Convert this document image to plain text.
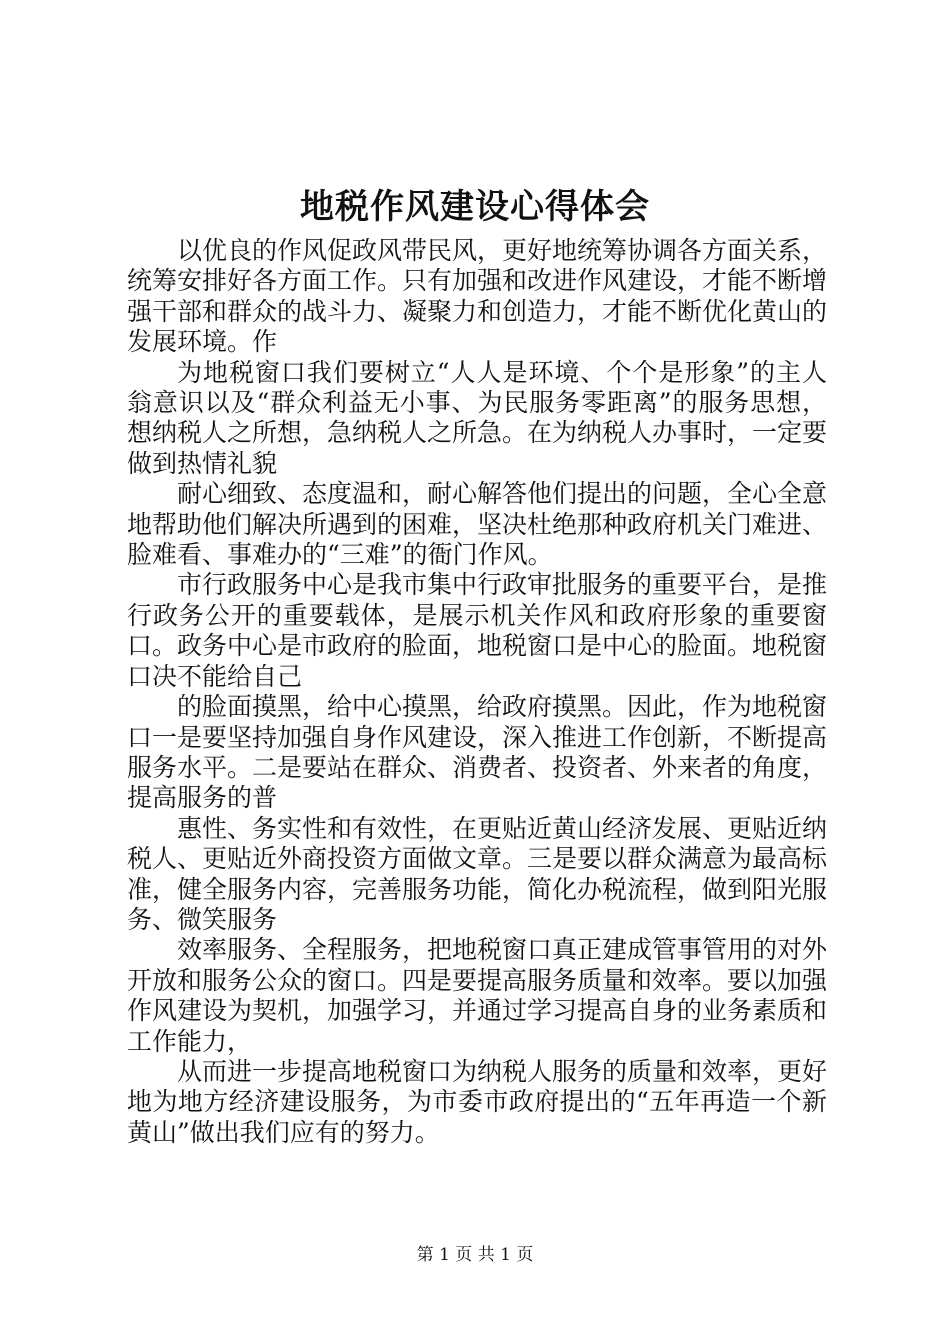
地税作风建设心得体会

以优良的作风促政风带民风，更好地统筹协调各方面关系，统筹安排好各方面工作。只有加强和改进作风建设，才能不断增强干部和群众的战斗力、凝聚力和创造力，才能不断优化黄山的发展环境。作

为地税窗口我们要树立“人人是环境、个个是形象”的主人翁意识以及“群众利益无小事、为民服务零距离”的服务思想，想纳税人之所想，急纳税人之所急。在为纳税人办事时，一定要做到热情礼貌

耐心细致、态度温和，耐心解答他们提出的问题，全心全意地帮助他们解决所遇到的困难，坚决杜绝那种政府机关门难进、脸难看、事难办的“三难”的衙门作风。

市行政服务中心是我市集中行政审批服务的重要平台，是推行政务公开的重要载体，是展示机关作风和政府形象的重要窗口。政务中心是市政府的脸面，地税窗口是中心的脸面。地税窗口决不能给自己

的脸面摸黑，给中心摸黑，给政府摸黑。因此，作为地税窗口一是要坚持加强自身作风建设，深入推进工作创新，不断提高服务水平。二是要站在群众、消费者、投资者、外来者的角度，提高服务的普

惠性、务实性和有效性，在更贴近黄山经济发展、更贴近纳税人、更贴近外商投资方面做文章。三是要以群众满意为最高标准，健全服务内容，完善服务功能，简化办税流程，做到阳光服务、微笑服务

效率服务、全程服务，把地税窗口真正建成管事管用的对外开放和服务公众的窗口。四是要提高服务质量和效率。要以加强作风建设为契机，加强学习，并通过学习提高自身的业务素质和工作能力，

从而进一步提高地税窗口为纳税人服务的质量和效率，更好地为地方经济建设服务，为市委市政府提出的“五年再造一个新黄山”做出我们应有的努力。

第 1 页 共 1 页
